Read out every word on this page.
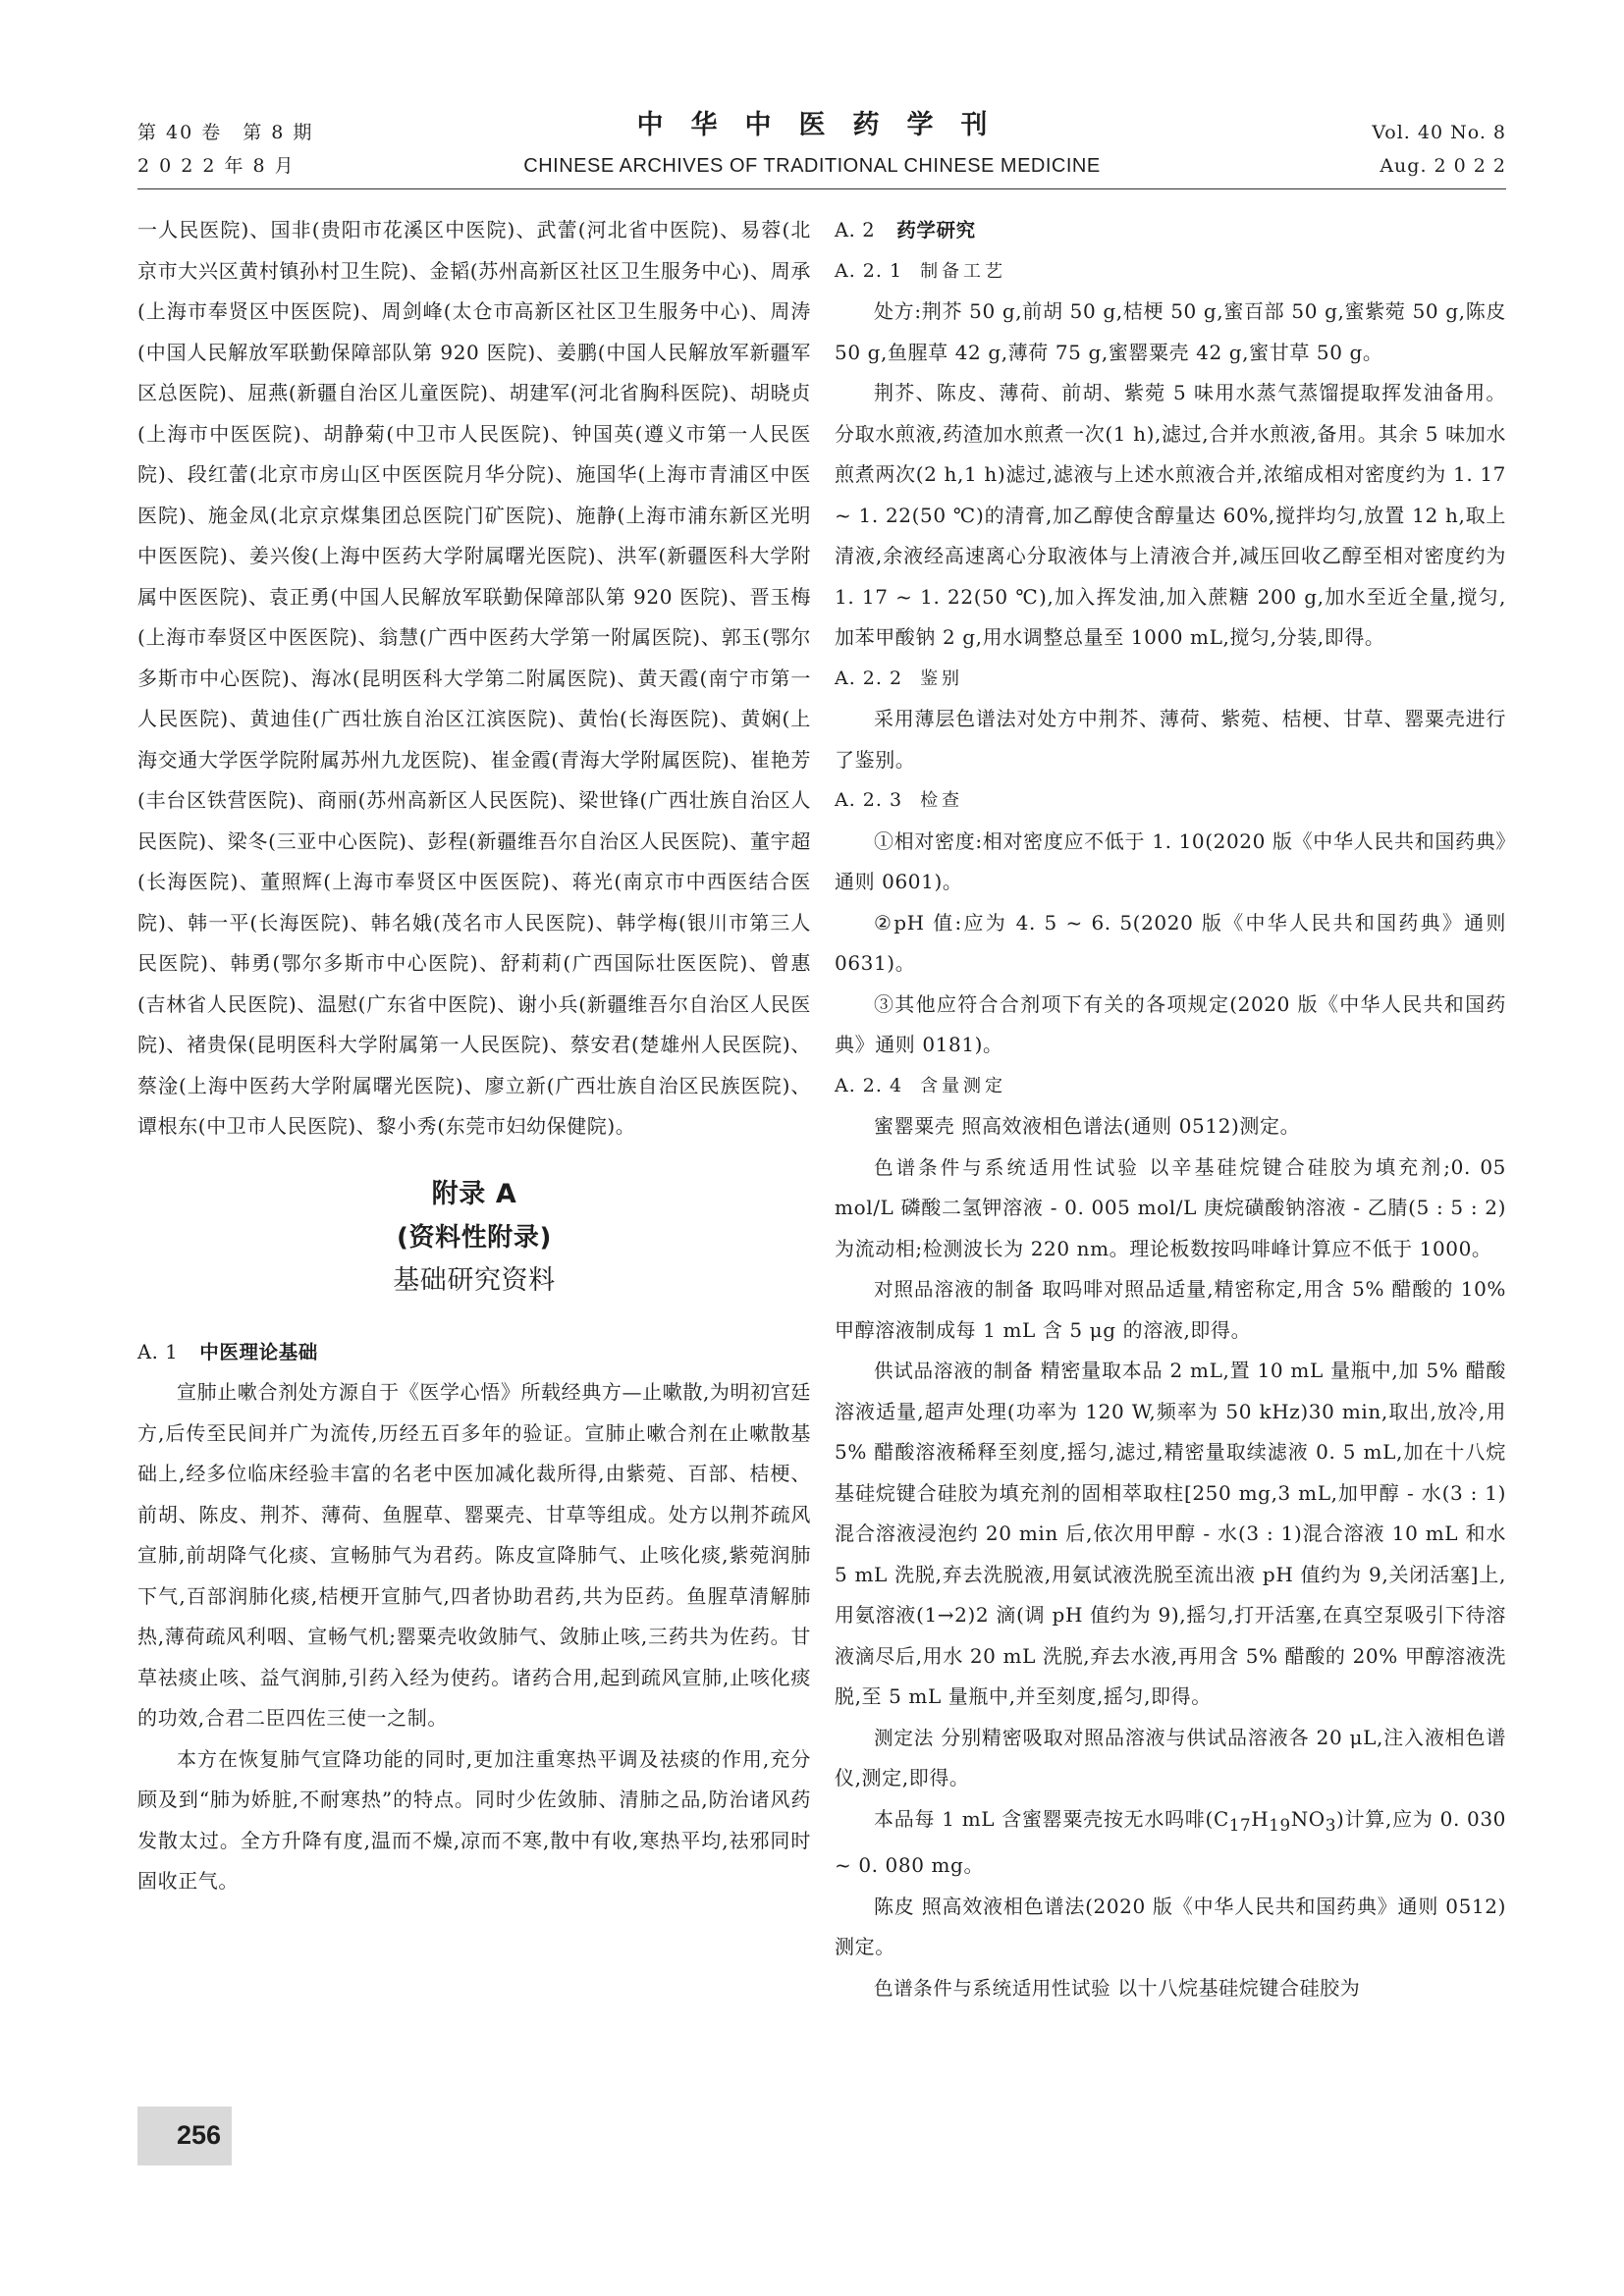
第 40 卷　第 8 期
2 0 2 2 年 8 月
中华中医药学刊
CHINESE ARCHIVES OF TRADITIONAL CHINESE MEDICINE
Vol. 40 No. 8
Aug. 2 0 2 2

一人民医院)、国非(贵阳市花溪区中医院)、武蕾(河北省中医院)、易蓉(北京市大兴区黄村镇孙村卫生院)、金韬(苏州高新区社区卫生服务中心)、周承(上海市奉贤区中医医院)、周剑峰(太仓市高新区社区卫生服务中心)、周涛(中国人民解放军联勤保障部队第 920 医院)、姜鹏(中国人民解放军新疆军区总医院)、屈燕(新疆自治区儿童医院)、胡建军(河北省胸科医院)、胡晓贞(上海市中医医院)、胡静菊(中卫市人民医院)、钟国英(遵义市第一人民医院)、段红蕾(北京市房山区中医医院月华分院)、施国华(上海市青浦区中医医院)、施金凤(北京京煤集团总医院门矿医院)、施静(上海市浦东新区光明中医医院)、姜兴俊(上海中医药大学附属曙光医院)、洪军(新疆医科大学附属中医医院)、袁正勇(中国人民解放军联勤保障部队第 920 医院)、晋玉梅(上海市奉贤区中医医院)、翁慧(广西中医药大学第一附属医院)、郭玉(鄂尔多斯市中心医院)、海冰(昆明医科大学第二附属医院)、黄天霞(南宁市第一人民医院)、黄迪佳(广西壮族自治区江滨医院)、黄怡(长海医院)、黄娴(上海交通大学医学院附属苏州九龙医院)、崔金霞(青海大学附属医院)、崔艳芳(丰台区铁营医院)、商丽(苏州高新区人民医院)、梁世锋(广西壮族自治区人民医院)、梁冬(三亚中心医院)、彭程(新疆维吾尔自治区人民医院)、董宇超(长海医院)、董照辉(上海市奉贤区中医医院)、蒋光(南京市中西医结合医院)、韩一平(长海医院)、韩名娥(茂名市人民医院)、韩学梅(银川市第三人民医院)、韩勇(鄂尔多斯市中心医院)、舒莉莉(广西国际壮医医院)、曾惠(吉林省人民医院)、温慰(广东省中医院)、谢小兵(新疆维吾尔自治区人民医院)、褚贵保(昆明医科大学附属第一人民医院)、蔡安君(楚雄州人民医院)、蔡淦(上海中医药大学附属曙光医院)、廖立新(广西壮族自治区民族医院)、谭根东(中卫市人民医院)、黎小秀(东莞市妇幼保健院)。

附录 A
(资料性附录)
基础研究资料
A. 1 中医理论基础

宣肺止嗽合剂处方源自于《医学心悟》所载经典方—止嗽散,为明初宫廷方,后传至民间并广为流传,历经五百多年的验证。宣肺止嗽合剂在止嗽散基础上,经多位临床经验丰富的名老中医加减化裁所得,由紫菀、百部、桔梗、前胡、陈皮、荆芥、薄荷、鱼腥草、罂粟壳、甘草等组成。处方以荆芥疏风宣肺,前胡降气化痰、宣畅肺气为君药。陈皮宣降肺气、止咳化痰,紫菀润肺下气,百部润肺化痰,桔梗开宣肺气,四者协助君药,共为臣药。鱼腥草清解肺热,薄荷疏风利咽、宣畅气机;罂粟壳收敛肺气、敛肺止咳,三药共为佐药。甘草祛痰止咳、益气润肺,引药入经为使药。诸药合用,起到疏风宣肺,止咳化痰的功效,合君二臣四佐三使一之制。

本方在恢复肺气宣降功能的同时,更加注重寒热平调及祛痰的作用,充分顾及到“肺为娇脏,不耐寒热”的特点。同时少佐敛肺、清肺之品,防治诸风药发散太过。全方升降有度,温而不燥,凉而不寒,散中有收,寒热平均,祛邪同时固收正气。

A. 2 药学研究
A. 2. 1 制备工艺

处方:荆芥 50 g,前胡 50 g,桔梗 50 g,蜜百部 50 g,蜜紫菀 50 g,陈皮 50 g,鱼腥草 42 g,薄荷 75 g,蜜罂粟壳 42 g,蜜甘草 50 g。

荆芥、陈皮、薄荷、前胡、紫菀 5 味用水蒸气蒸馏提取挥发油备用。分取水煎液,药渣加水煎煮一次(1 h),滤过,合并水煎液,备用。其余 5 味加水煎煮两次(2 h,1 h)滤过,滤液与上述水煎液合并,浓缩成相对密度约为 1. 17 ~ 1. 22(50 ℃)的清膏,加乙醇使含醇量达 60%,搅拌均匀,放置 12 h,取上清液,余液经高速离心分取液体与上清液合并,减压回收乙醇至相对密度约为 1. 17 ~ 1. 22(50 ℃),加入挥发油,加入蔗糖 200 g,加水至近全量,搅匀,加苯甲酸钠 2 g,用水调整总量至 1000 mL,搅匀,分装,即得。

A. 2. 2 鉴别

采用薄层色谱法对处方中荆芥、薄荷、紫菀、桔梗、甘草、罂粟壳进行了鉴别。

A. 2. 3 检查

①相对密度:相对密度应不低于 1. 10(2020 版《中华人民共和国药典》通则 0601)。

②pH 值:应为 4. 5 ~ 6. 5(2020 版《中华人民共和国药典》通则 0631)。

③其他应符合合剂项下有关的各项规定(2020 版《中华人民共和国药典》通则 0181)。

A. 2. 4 含量测定

蜜罂粟壳 照高效液相色谱法(通则 0512)测定。

色谱条件与系统适用性试验 以辛基硅烷键合硅胶为填充剂;0. 05 mol/L 磷酸二氢钾溶液 - 0. 005 mol/L 庚烷磺酸钠溶液 - 乙腈(5 : 5 : 2)为流动相;检测波长为 220 nm。理论板数按吗啡峰计算应不低于 1000。

对照品溶液的制备 取吗啡对照品适量,精密称定,用含 5% 醋酸的 10% 甲醇溶液制成每 1 mL 含 5 μg 的溶液,即得。

供试品溶液的制备 精密量取本品 2 mL,置 10 mL 量瓶中,加 5% 醋酸溶液适量,超声处理(功率为 120 W,频率为 50 kHz)30 min,取出,放冷,用 5% 醋酸溶液稀释至刻度,摇匀,滤过,精密量取续滤液 0. 5 mL,加在十八烷基硅烷键合硅胶为填充剂的固相萃取柱[250 mg,3 mL,加甲醇 - 水(3 : 1)混合溶液浸泡约 20 min 后,依次用甲醇 - 水(3 : 1)混合溶液 10 mL 和水 5 mL 洗脱,弃去洗脱液,用氨试液洗脱至流出液 pH 值约为 9,关闭活塞]上,用氨溶液(1→2)2 滴(调 pH 值约为 9),摇匀,打开活塞,在真空泵吸引下待溶液滴尽后,用水 20 mL 洗脱,弃去水液,再用含 5% 醋酸的 20% 甲醇溶液洗脱,至 5 mL 量瓶中,并至刻度,摇匀,即得。

测定法 分别精密吸取对照品溶液与供试品溶液各 20 μL,注入液相色谱仪,测定,即得。

本品每 1 mL 含蜜罂粟壳按无水吗啡$(C_{17}H_{19}NO_3)$计算,应为 0. 030 ~ 0. 080 mg。

陈皮 照高效液相色谱法(2020 版《中华人民共和国药典》通则 0512)测定。

色谱条件与系统适用性试验 以十八烷基硅烷键合硅胶为

256
